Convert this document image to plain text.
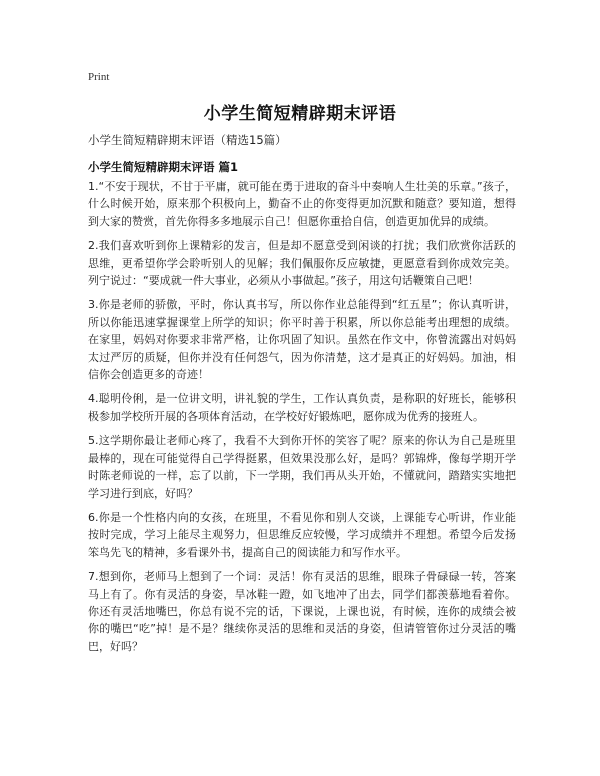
Print
小学生简短精辟期末评语
小学生简短精辟期末评语（精选15篇）
小学生简短精辟期末评语 篇1

1.“不安于现状，不甘于平庸，就可能在勇于进取的奋斗中奏响人生壮美的乐章。”孩子，什么时候开始，原来那个积极向上，勤奋不止的你变得更加沉默和随意？要知道，想得到大家的赞赏，首先你得多多地展示自己！但愿你重拾自信，创造更加优异的成绩。

2.我们喜欢听到你上课精彩的发言，但是却不愿意受到闲谈的打扰；我们欣赏你活跃的思维，更希望你学会聆听别人的见解；我们佩服你反应敏捷，更愿意看到你成效完美。列宁说过：“要成就一件大事业，必须从小事做起。”孩子，用这句话鞭策自己吧！

3.你是老师的骄傲，平时，你认真书写，所以你作业总能得到“红五星”；你认真听讲，所以你能迅速掌握课堂上所学的知识；你平时善于积累，所以你总能考出理想的成绩。在家里，妈妈对你要求非常严格，让你巩固了知识。虽然在作文中，你曾流露出对妈妈太过严厉的质疑，但你并没有任何怨气，因为你清楚，这才是真正的好妈妈。加油，相信你会创造更多的奇迹！

4.聪明伶俐，是一位讲文明，讲礼貌的学生，工作认真负责，是称职的好班长，能够积极参加学校所开展的各项体育活动，在学校好好锻炼吧，愿你成为优秀的接班人。

5.这学期你最让老师心疼了，我看不大到你开怀的笑容了呢？原来的你认为自己是班里最棒的，现在可能觉得自己学得挺累，但效果没那么好，是吗？郭锦烨，像每学期开学时陈老师说的一样，忘了以前，下一学期，我们再从头开始，不懂就问，踏踏实实地把学习进行到底，好吗？

6.你是一个性格内向的女孩，在班里，不看见你和别人交谈，上课能专心听讲，作业能按时完成，学习上能尽主观努力，但思维反应较慢，学习成绩并不理想。希望今后发扬笨鸟先飞的精神，多看课外书，提高自己的阅读能力和写作水平。

7.想到你，老师马上想到了一个词：灵活！你有灵活的思维，眼珠子骨碌碌一转，答案马上有了。你有灵活的身姿，旱冰鞋一蹬，如飞地冲了出去，同学们都羡慕地看着你。你还有灵活地嘴巴，你总有说不完的话，下课说，上课也说，有时候，连你的成绩会被你的嘴巴“吃”掉！是不是？继续你灵活的思维和灵活的身姿，但请管管你过分灵活的嘴巴，好吗？
